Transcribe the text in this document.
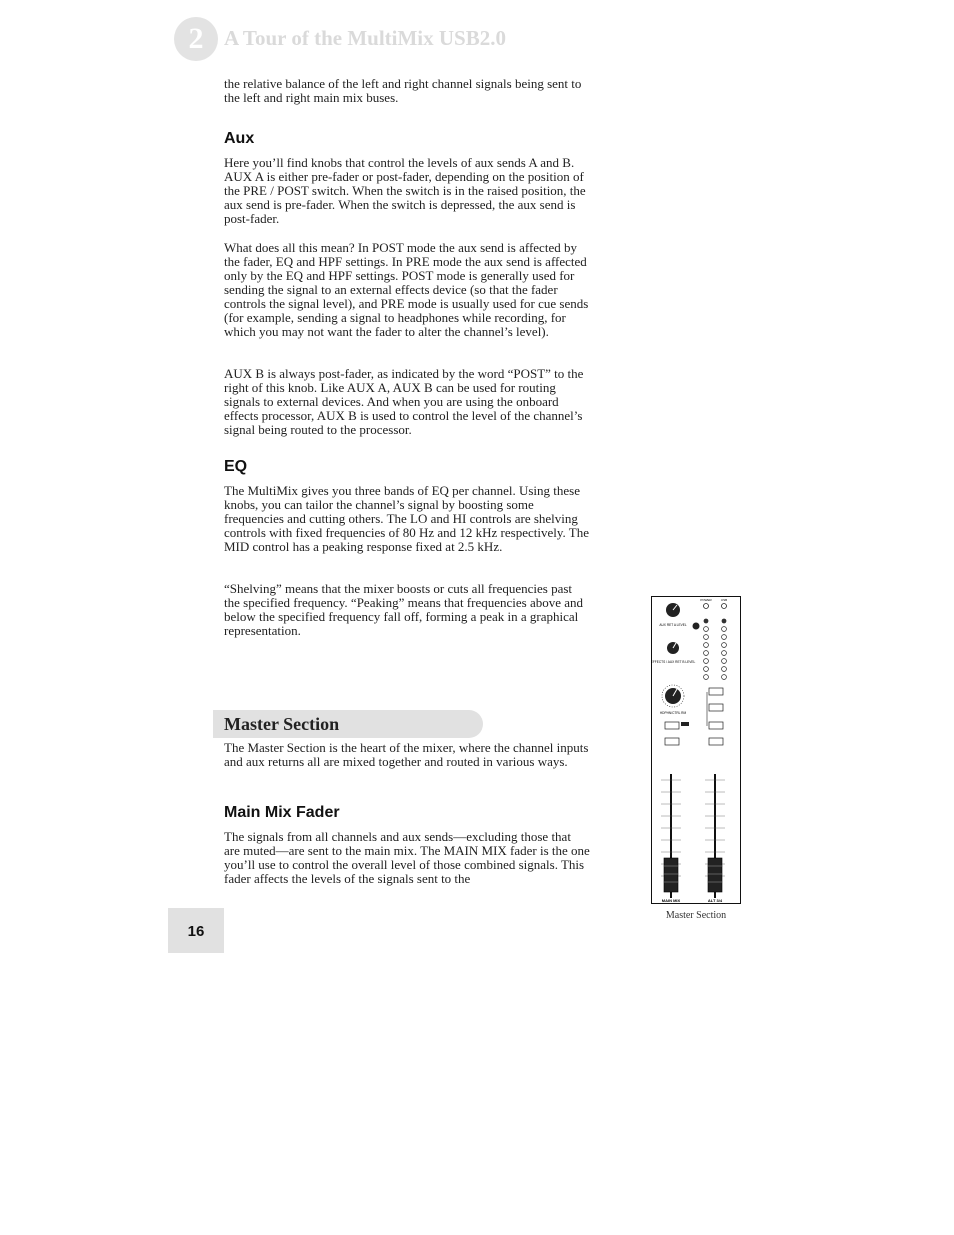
2 A Tour of the MultiMix USB2.0

the relative balance of the left and right channel signals being sent to the left and right main mix buses.

Aux

Here you’ll find knobs that control the levels of aux sends A and B. AUX A is either pre-fader or post-fader, depending on the position of the PRE / POST switch. When the switch is in the raised position, the aux send is pre-fader. When the switch is depressed, the aux send is post-fader.

What does all this mean? In POST mode the aux send is affected by the fader, EQ and HPF settings. In PRE mode the aux send is affected only by the EQ and HPF settings. POST mode is generally used for sending the signal to an external effects device (so that the fader controls the signal level), and PRE mode is usually used for cue sends (for example, sending a signal to headphones while recording, for which you may not want the fader to alter the channel’s level).

AUX B is always post-fader, as indicated by the word “POST” to the right of this knob. Like AUX A, AUX B can be used for routing signals to external devices. And when you are using the onboard effects processor, AUX B is used to control the level of the channel’s signal being routed to the processor.

EQ

The MultiMix gives you three bands of EQ per channel. Using these knobs, you can tailor the channel’s signal by boosting some frequencies and cutting others. The LO and HI controls are shelving controls with fixed frequencies of 80 Hz and 12 kHz respectively. The MID control has a peaking response fixed at 2.5 kHz.

“Shelving” means that the mixer boosts or cuts all frequencies past the specified frequency. “Peaking” means that frequencies above and below the specified frequency fall off, forming a peak in a graphical representation.

Master Section

The Master Section is the heart of the mixer, where the channel inputs and aux returns all are mixed together and routed in various ways.

Main Mix Fader

The signals from all channels and aux sends—excluding those that are muted—are sent to the main mix. The MAIN MIX fader is the one you’ll use to control the overall level of those combined signals. This fader affects the levels of the signals sent to the

AUX RET A LEVEL
EFFECTS / AUX RET B LEVEL
POWER	USB
HDPHN/CTRL RM
MAIN MIX	ALT 3/4
Master Section
16
